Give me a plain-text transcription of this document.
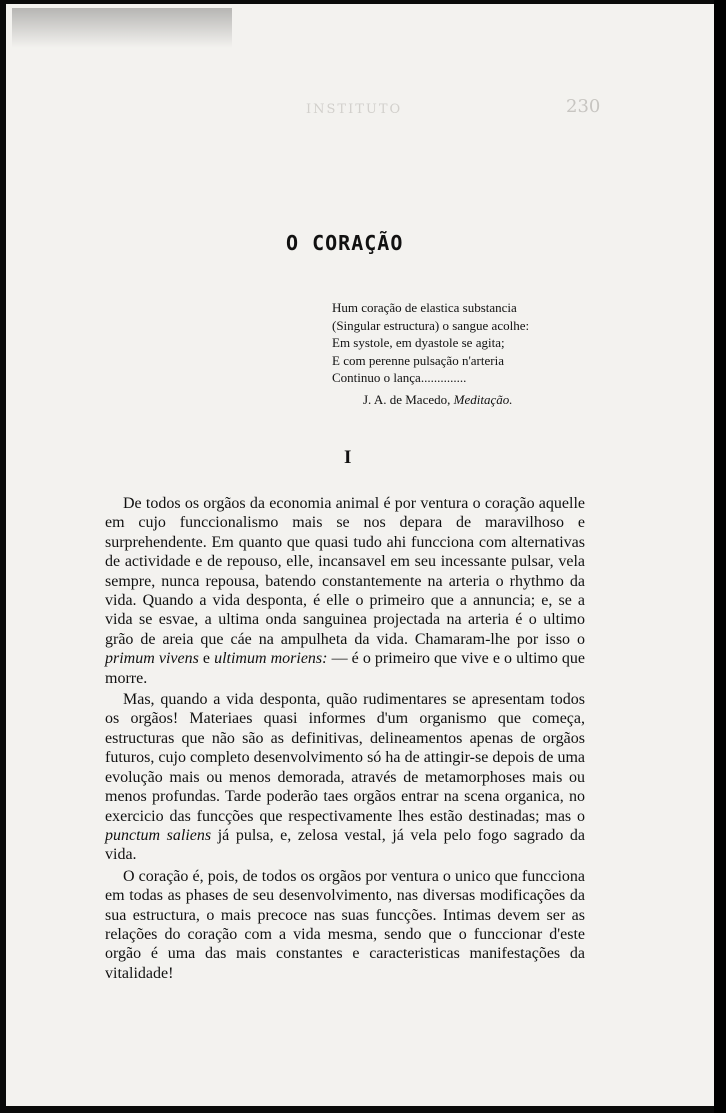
INSTITUTO	230
O CORAÇÃO
Hum coração de elastica substancia
(Singular estructura) o sangue acolhe:
Em systole, em dyastole se agita;
E com perenne pulsação n'arteria
Continuo o lança..............
J. A. de Macedo, Meditação.
I

De todos os orgãos da economia animal é por ventura o coração aquelle em cujo funccionalismo mais se nos depara de maravilhoso e surprehendente. Em quanto que quasi tudo ahi funcciona com alternativas de actividade e de repouso, elle, incansavel em seu incessante pulsar, vela sempre, nunca repousa, batendo constantemente na arteria o rhythmo da vida. Quando a vida desponta, é elle o primeiro que a annuncia; e, se a vida se esvae, a ultima onda sanguinea projectada na arteria é o ultimo grão de areia que cáe na ampulheta da vida. Chamaram-lhe por isso o primum vivens e ultimum moriens: — é o primeiro que vive e o ultimo que morre.

Mas, quando a vida desponta, quão rudimentares se apresentam todos os orgãos! Materiaes quasi informes d'um organismo que começa, estructuras que não são as definitivas, delineamentos apenas de orgãos futuros, cujo completo desenvolvimento só ha de attingir-se depois de uma evolução mais ou menos demorada, através de metamorphoses mais ou menos profundas. Tarde poderão taes orgãos entrar na scena organica, no exercicio das funcções que respectivamente lhes estão destinadas; mas o punctum saliens já pulsa, e, zelosa vestal, já vela pelo fogo sagrado da vida.

O coração é, pois, de todos os orgãos por ventura o unico que funcciona em todas as phases de seu desenvolvimento, nas diversas modificações da sua estructura, o mais precoce nas suas funcções. Intimas devem ser as relações do coração com a vida mesma, sendo que o funccionar d'este orgão é uma das mais constantes e caracteristicas manifestações da vitalidade!
